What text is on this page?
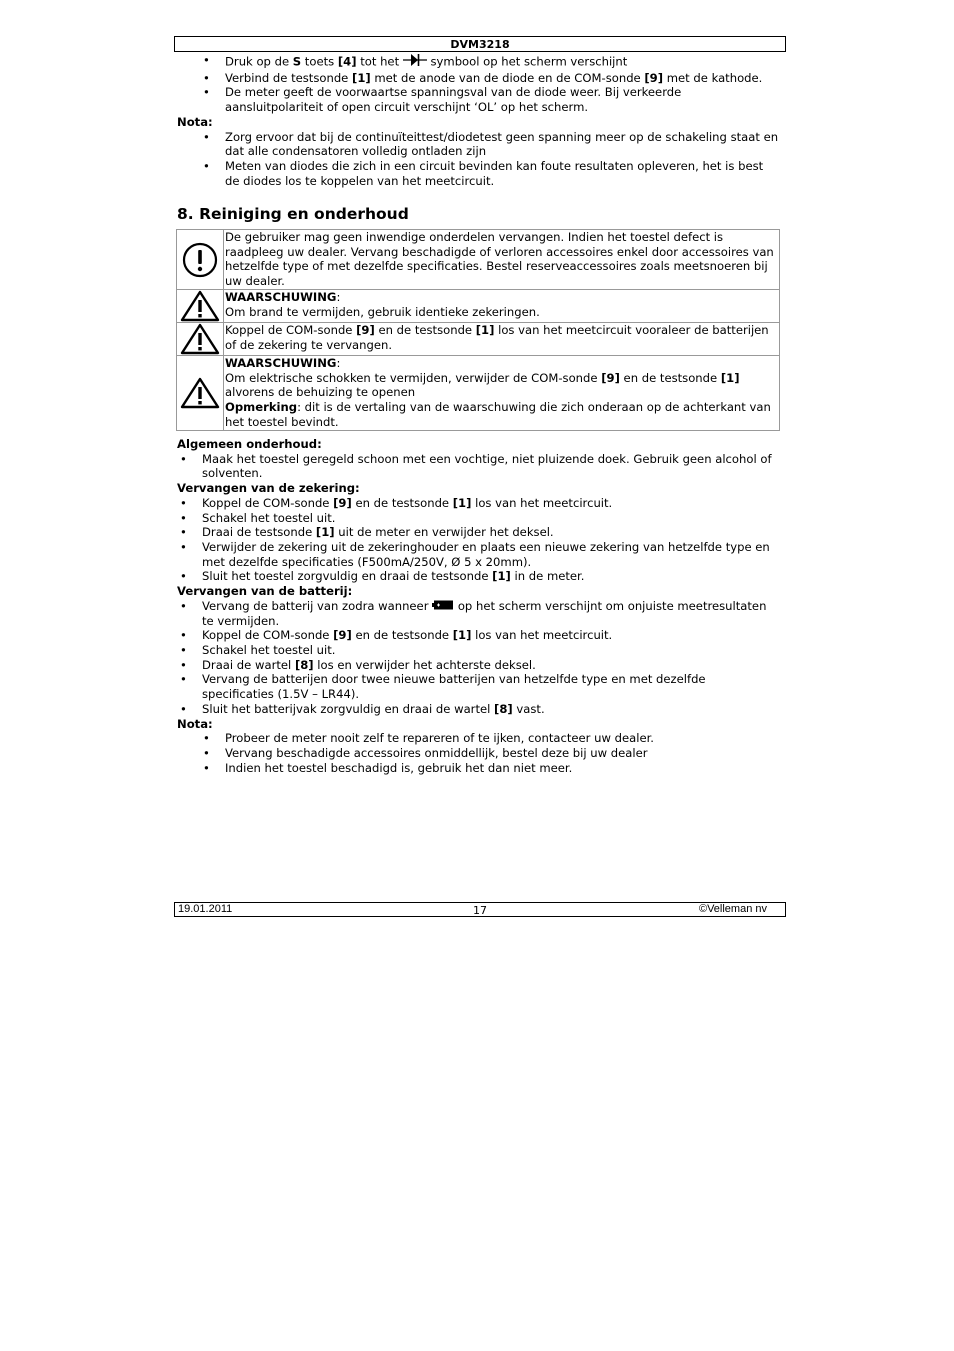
DVM3218
• Druk op de S toets [4] tot het  symbool op het scherm verschijnt
• Verbind de testsonde [1] met de anode van de diode en de COM-sonde [9] met de kathode.
• De meter geeft de voorwaartse spanningsval van de diode weer. Bij verkeerde aansluitpolariteit of open circuit verschijnt ‘OL’ op het scherm.
Nota:
• Zorg ervoor dat bij de continuïteittest/diodetest geen spanning meer op de schakeling staat en dat alle condensatoren volledig ontladen zijn
• Meten van diodes die zich in een circuit bevinden kan foute resultaten opleveren, het is best de diodes los te koppelen van het meetcircuit.
8. Reiniging en onderhoud
	De gebruiker mag geen inwendige onderdelen vervangen. Indien het toestel defect is raadpleeg uw dealer. Vervang beschadigde of verloren accessoires enkel door accessoires van hetzelfde type of met dezelfde specificaties. Bestel reserveaccessoires zoals meetsnoeren bij uw dealer.

	WAARSCHUWING:
Om brand te vermijden, gebruik identieke zekeringen.

	Koppel de COM-sonde [9] en de testsonde [1] los van het meetcircuit vooraleer de batterijen of de zekering te vervangen.

	WAARSCHUWING:
Om elektrische schokken te vermijden, verwijder de COM-sonde [9] en de testsonde [1] alvorens de behuizing te openen
Opmerking: dit is de vertaling van de waarschuwing die zich onderaan op de achterkant van het toestel bevindt.
Algemeen onderhoud:
• Maak het toestel geregeld schoon met een vochtige, niet pluizende doek. Gebruik geen alcohol of solventen.
Vervangen van de zekering:
• Koppel de COM-sonde [9] en de testsonde [1] los van het meetcircuit.
• Schakel het toestel uit.
• Draai de testsonde [1] uit de meter en verwijder het deksel.
• Verwijder de zekering uit de zekeringhouder en plaats een nieuwe zekering van hetzelfde type en met dezelfde specificaties (F500mA/250V, Ø 5 x 20mm).
• Sluit het toestel zorgvuldig en draai de testsonde [1] in de meter.
Vervangen van de batterij:
• Vervang de batterij van zodra wanneer  op het scherm verschijnt om onjuiste meetresultaten te vermijden.
• Koppel de COM-sonde [9] en de testsonde [1] los van het meetcircuit.
• Schakel het toestel uit.
• Draai de wartel [8] los en verwijder het achterste deksel.
• Vervang de batterijen door twee nieuwe batterijen van hetzelfde type en met dezelfde specificaties (1.5V – LR44).
• Sluit het batterijvak zorgvuldig en draai de wartel [8] vast.
Nota:
• Probeer de meter nooit zelf te repareren of te ijken, contacteer uw dealer.
• Vervang beschadigde accessoires onmiddellijk, bestel deze bij uw dealer
• Indien het toestel beschadigd is, gebruik het dan niet meer.
19.01.2011	17	©Velleman nv
